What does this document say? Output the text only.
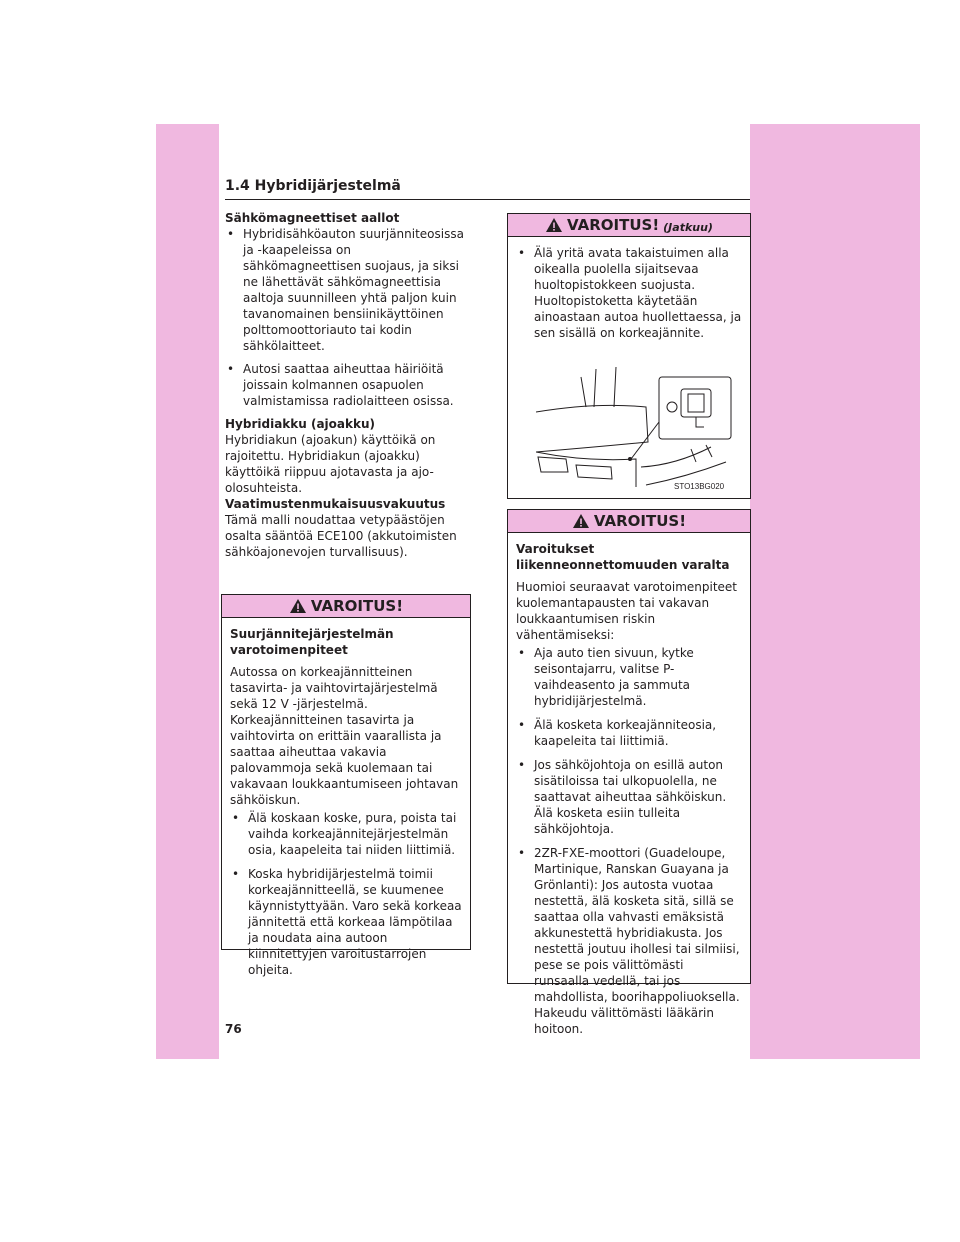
1.4 Hybridijärjestelmä

Sähkömagneettiset aallot

• Hybridisähköauton suurjänniteosissa ja -kaapeleissa on sähkömagneettisen suojaus, ja siksi ne lähettävät sähkömagneettisia aaltoja suunnilleen yhtä paljon kuin tavanomainen bensiinikäyttöinen polttomoottoriauto tai kodin sähkölaitteet.
• Autosi saattaa aiheuttaa häiriöitä joissain kolmannen osapuolen valmistamissa radiolaitteen osissa.

Hybridiakku (ajoakku)

Hybridiakun (ajoakun) käyttöikä on rajoitettu. Hybridiakun (ajoakku) käyttöikä riippuu ajotavasta ja ajo-olosuhteista.

Vaatimustenmukaisuusvakuutus

Tämä malli noudattaa vetypäästöjen osalta sääntöä ECE100 (akkutoimisten sähköajonevojen turvallisuus).

VAROITUS!

Suurjännitejärjestelmän varotoimenpiteet

Autossa on korkeajännitteinen tasavirta- ja vaihtovirtajärjestelmä sekä 12 V -järjestelmä. Korkeajännitteinen tasavirta ja vaihtovirta on erittäin vaarallista ja saattaa aiheuttaa vakavia palovammoja sekä kuolemaan tai vakavaan loukkaantumiseen johtavan sähköiskun.

• Älä koskaan koske, pura, poista tai vaihda korkeajännitejärjestelmän osia, kaapeleita tai niiden liittimiä.
• Koska hybridijärjestelmä toimii korkeajännitteellä, se kuumenee käynnistyttyään. Varo sekä korkeaa jännitettä että korkeaa lämpötilaa ja noudata aina autoon kiinnitettyjen varoitustarrojen ohjeita.
VAROITUS! (Jatkuu)
• Älä yritä avata takaistuimen alla oikealla puolella sijaitsevaa huoltopistokkeen suojusta. Huoltopistoketta käytetään ainoastaan autoa huollettaessa, ja sen sisällä on korkeajännite.
STO13BG020
VAROITUS!

Varoitukset liikenneonnettomuuden varalta

Huomioi seuraavat varotoimenpiteet kuolemantapausten tai vakavan loukkaantumisen riskin vähentämiseksi:

• Aja auto tien sivuun, kytke seisontajarru, valitse P-vaihdeasento ja sammuta hybridijärjestelmä.
• Älä kosketa korkeajänniteosia, kaapeleita tai liittimiä.
• Jos sähköjohtoja on esillä auton sisätiloissa tai ulkopuolella, ne saattavat aiheuttaa sähköiskun. Älä kosketa esiin tulleita sähköjohtoja.
• 2ZR-FXE-moottori (Guadeloupe, Martinique, Ranskan Guayana ja Grönlanti): Jos autosta vuotaa nestettä, älä kosketa sitä, sillä se saattaa olla vahvasti emäksistä akkunestettä hybridiakusta. Jos nestettä joutuu ihollesi tai silmiisi, pese se pois välittömästi runsaalla vedellä, tai jos mahdollista, boorihappoliuoksella. Hakeudu välittömästi lääkärin hoitoon.
76
